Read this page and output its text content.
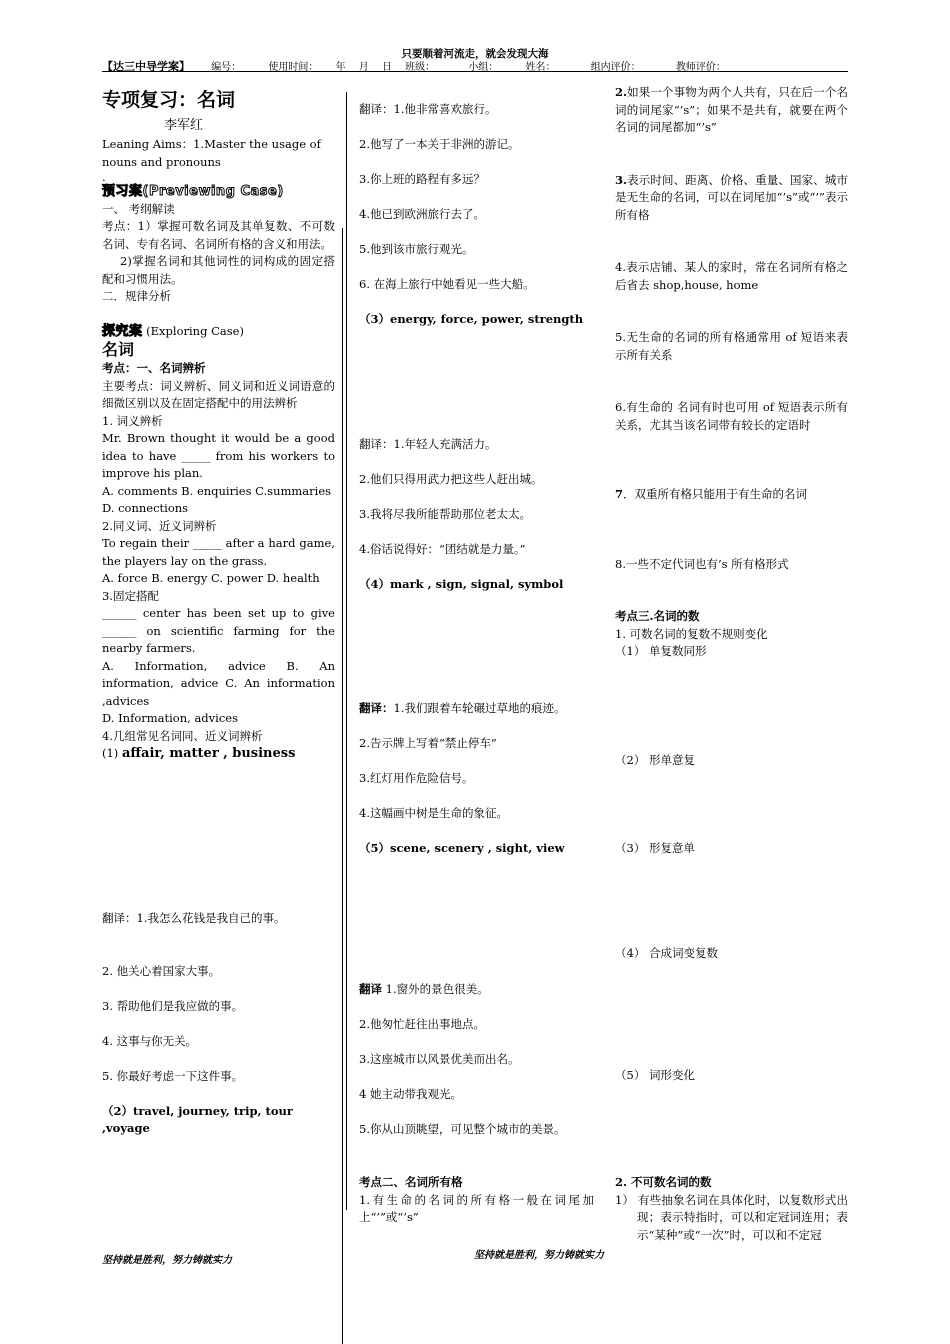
只要顺着河流走，就会发现大海
【达三中导学案】 编号：	使用时间： 年 月 日 班级：	小组：	姓名：	组内评价：	教师评价：
专项复习：名词
李军红

Leaning Aims：1.Master the usage of nouns and pronouns

.

预习案(Previewing Case)

一、 考纲解读

考点：1）掌握可数名词及其单复数、不可数名词、专有名词、名词所有格的含义和用法。

2)掌握名词和其他词性的词构成的固定搭配和习惯用法。

二．规律分析

探究案 (Exploring Case)

名词

考点：一、名词辨析

主要考点：词义辨析、同义词和近义词语意的细微区别以及在固定搭配中的用法辨析

1. 词义辨析

Mr. Brown thought it would be a good idea to have _____ from his workers to improve his plan.

A. comments B. enquiries C.summaries

D. connections

2.同义词、近义词辨析

To regain their _____ after a hard game, the players lay on the grass.

A. force B. energy C. power D. health

3.固定搭配

______ center has been set up to give ______ on scientific farming for the nearby farmers.

A. Information, advice B. An information, advice C. An information ,advices

D. Information, advices

4.几组常见名词同、近义词辨析

(1) affair, matter , business

翻译：1.我怎么花钱是我自己的事。

2. 他关心着国家大事。

3. 帮助他们是我应做的事。

4. 这事与你无关。

5. 你最好考虑一下这件事。

（2）travel, journey, trip, tour ,voyage

翻译：1.他非常喜欢旅行。

2.他写了一本关于非洲的游记。

3.你上班的路程有多远？

4.他已到欧洲旅行去了。

5.他到该市旅行观光。

6. 在海上旅行中她看见一些大船。

（3）energy, force, power, strength

翻译：1.年轻人充满活力。

2.他们只得用武力把这些人赶出城。

3.我将尽我所能帮助那位老太太。

4.俗话说得好：“团结就是力量。”

（4）mark , sign, signal, symbol

翻译：1.我们跟着车轮碾过草地的痕迹。

2.告示牌上写着“禁止停车”

3.红灯用作危险信号。

4.这幅画中树是生命的象征。

（5）scene, scenery , sight, view

翻译 1.窗外的景色很美。

2.他匆忙赶往出事地点。

3.这座城市以风景优美而出名。

4 她主动带我观光。

5.你从山顶眺望，可见整个城市的美景。

考点二、名词所有格

1.有生命的名词的所有格一般在词尾加上“’”或“’s”

2.如果一个事物为两个人共有，只在后一个名词的词尾家“’s”；如果不是共有，就要在两个名词的词尾都加“’s”

3.表示时间、距离、价格、重量、国家、城市是无生命的名词，可以在词尾加“’s”或“’”表示所有格

4.表示店铺、某人的家时，常在名词所有格之后省去 shop,house, home

5.无生命的名词的所有格通常用 of 短语来表示所有关系

6.有生命的 名词有时也可用 of 短语表示所有关系，尤其当该名词带有较长的定语时

7．双重所有格只能用于有生命的名词

8.一些不定代词也有’s 所有格形式

考点三.名词的数

1. 可数名词的复数不规则变化

（1） 单复数同形

（2） 形单意复

（3） 形复意单

（4） 合成词变复数

（5） 词形变化

2. 不可数名词的数

1） 有些抽象名词在具体化时，以复数形式出现；表示特指时，可以和定冠词连用；表示“某种”或“一次”时，可以和不定冠

坚持就是胜利，努力铸就实力	坚持就是胜利，努力铸就实力
